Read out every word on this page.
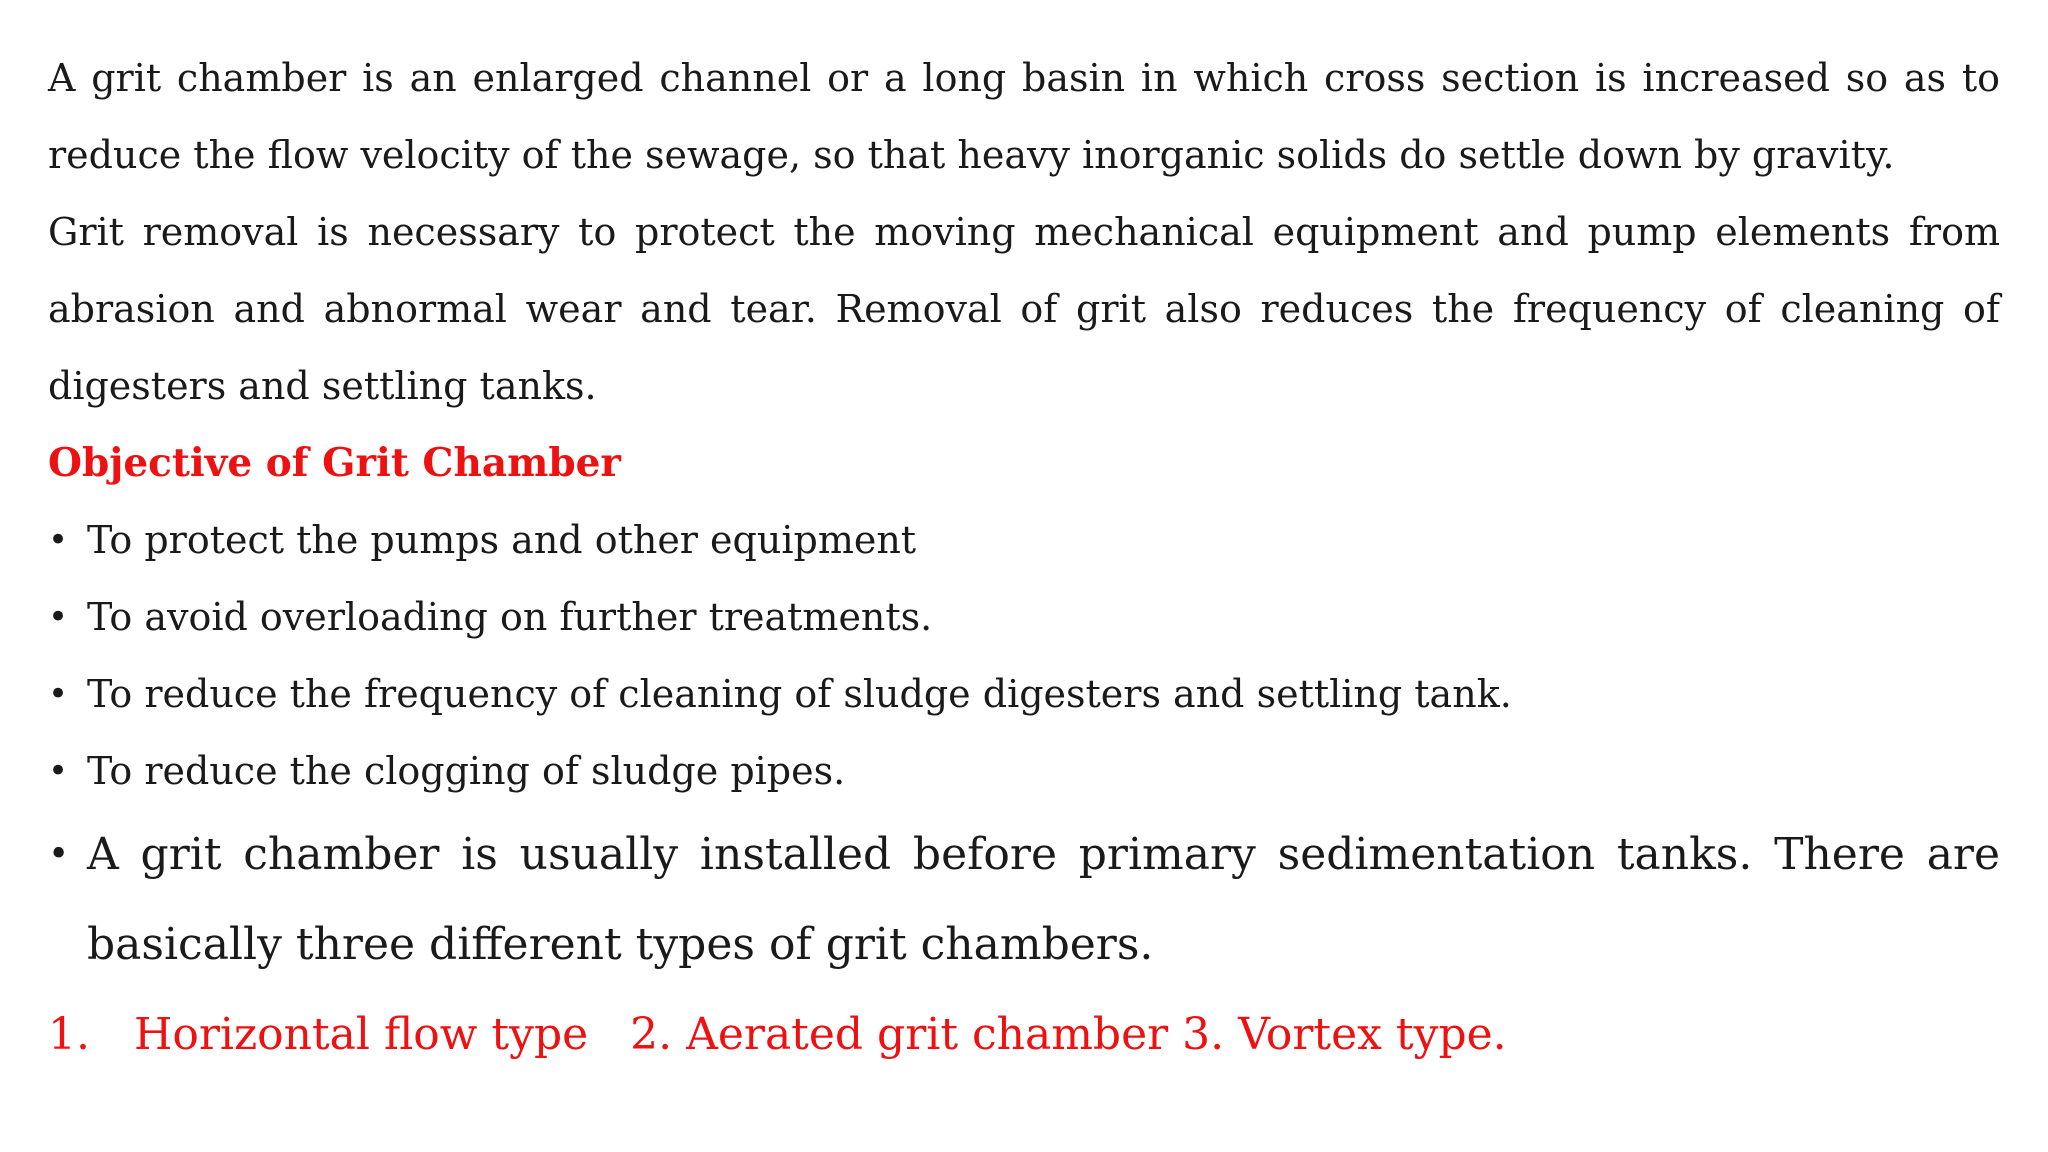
A grit chamber is an enlarged channel or a long basin in which cross section is increased so as to reduce the flow velocity of the sewage, so that heavy inorganic solids do settle down by gravity.

Grit removal is necessary to protect the moving mechanical equipment and pump elements from abrasion and abnormal wear and tear. Removal of grit also reduces the frequency of cleaning of digesters and settling tanks.

Objective of Grit Chamber
• To protect the pumps and other equipment
• To avoid overloading on further treatments.
• To reduce the frequency of cleaning of sludge digesters and settling tank.
• To reduce the clogging of sludge pipes.
• A grit chamber is usually installed before primary sedimentation tanks. There are basically three different types of grit chambers.

1. Horizontal flow type   2. Aerated grit chamber 3. Vortex type.
